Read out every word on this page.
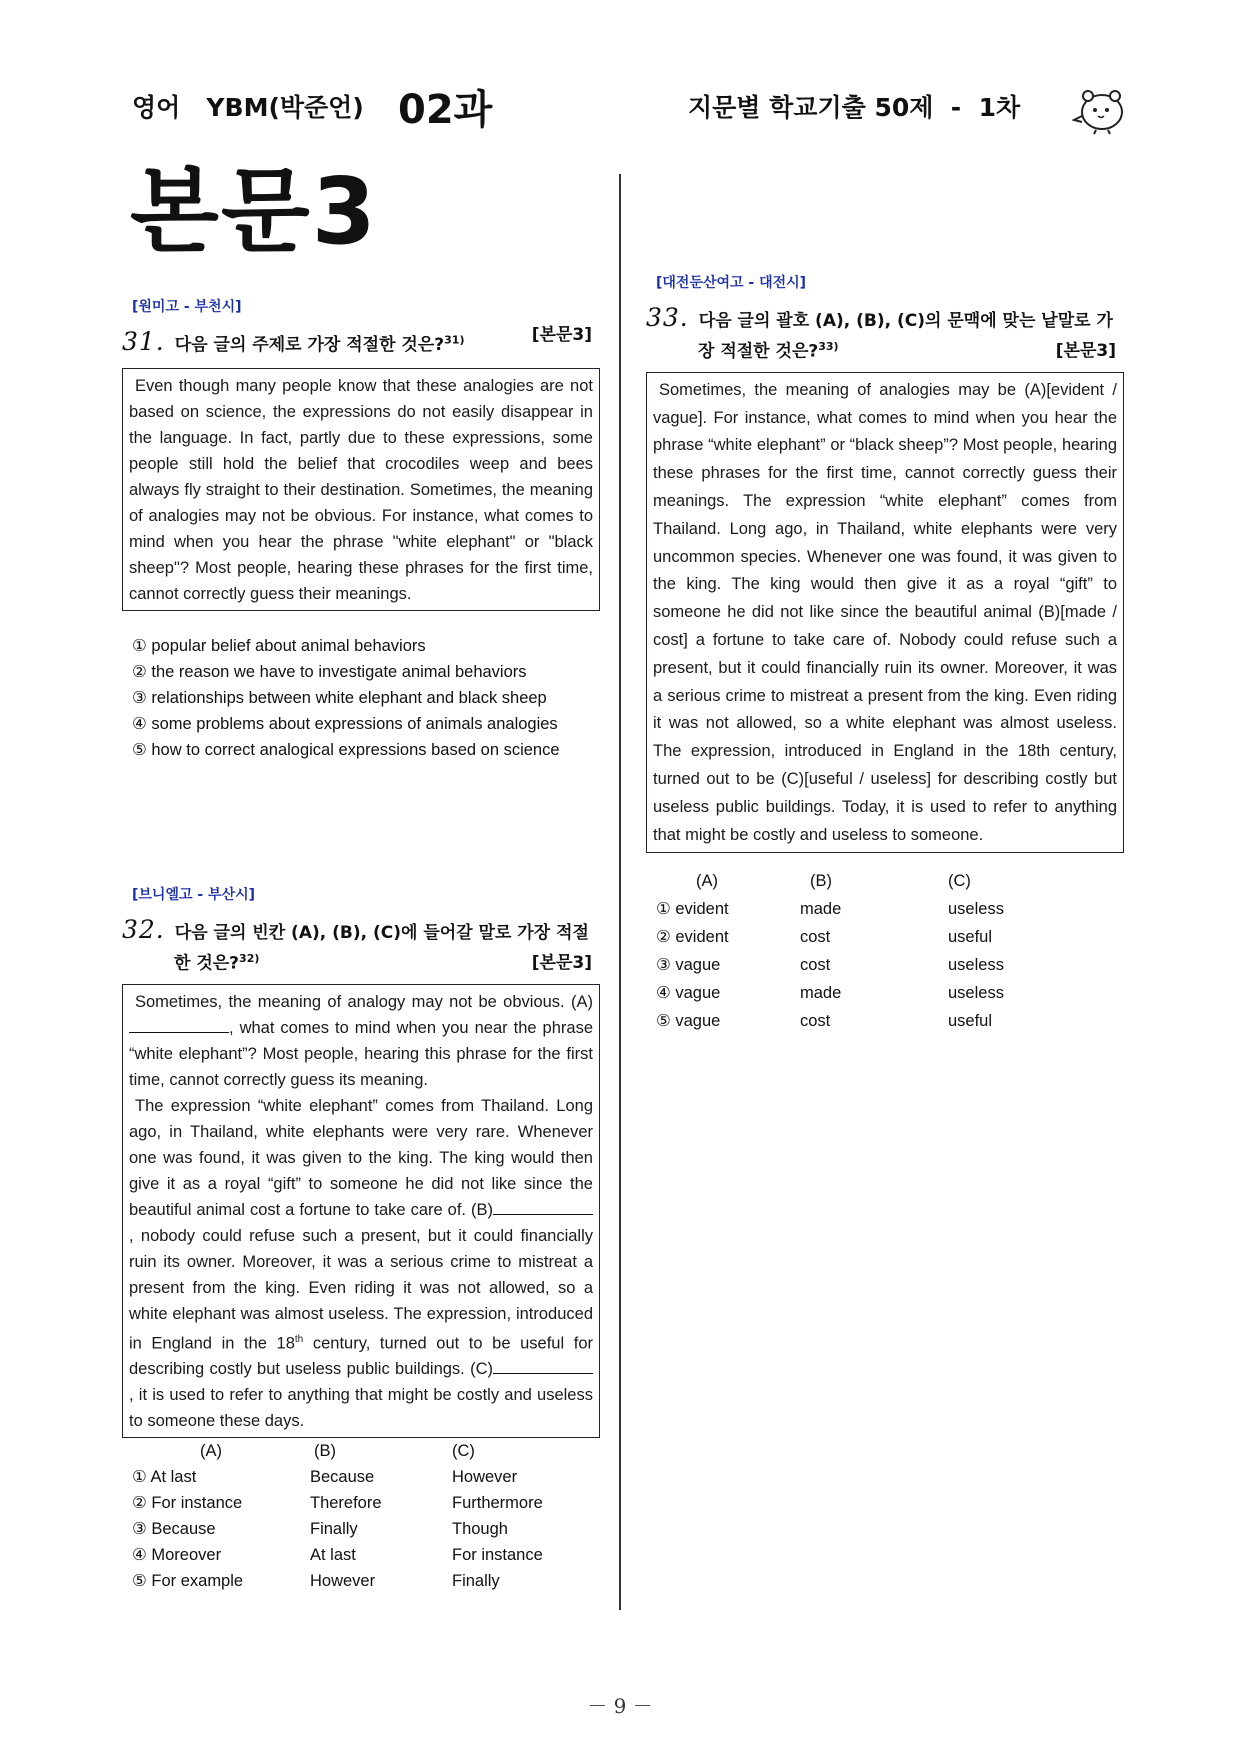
영어   YBM(박준언) 02과	지문별 학교기출 50제  -  1차
본문3
[원미고 - 부천시]
31. 다음 글의 주제로 가장 적절한 것은?$^{31)}$	[본문3]

Even though many people know that these analogies are not based on science, the expressions do not easily disappear in the language. In fact, partly due to these expressions, some people still hold the belief that crocodiles weep and bees always fly straight to their destination. Sometimes, the meaning of analogies may not be obvious. For instance, what comes to mind when you hear the phrase "white elephant" or "black sheep"? Most people, hearing these phrases for the first time, cannot correctly guess their meanings.

① popular belief about animal behaviors
② the reason we have to investigate animal behaviors
③ relationships between white elephant and black sheep
④ some problems about expressions of animals analogies
⑤ how to correct analogical expressions based on science
[브니엘고 - 부산시]
32. 다음 글의 빈칸 (A), (B), (C)에 들어갈 말로 가장 적절
한 것은?$^{32)}$	[본문3]

Sometimes, the meaning of analogy may not be obvious. (A), what comes to mind when you near the phrase “white elephant”? Most people, hearing this phrase for the first time, cannot correctly guess its meaning.

The expression “white elephant” comes from Thailand. Long ago, in Thailand, white elephants were very rare. Whenever one was found, it was given to the king. The king would then give it as a royal “gift” to someone he did not like since the beautiful animal cost a fortune to take care of. (B), nobody could refuse such a present, but it could financially ruin its owner. Moreover, it was a serious crime to mistreat a present from the king. Even riding it was not allowed, so a white elephant was almost useless. The expression, introduced in England in the 18th century, turned out to be useful for describing costly but useless public buildings. (C), it is used to refer to anything that might be costly and useless to someone these days.

(A)	(B)	(C)
① At last	Because	However
② For instance	Therefore	Furthermore
③ Because	Finally	Though
④ Moreover	At last	For instance
⑤ For example	However	Finally
[대전둔산여고 - 대전시]
33. 다음 글의 괄호 (A), (B), (C)의 문맥에 맞는 낱말로 가
장 적절한 것은?$^{33)}$	[본문3]

Sometimes, the meaning of analogies may be (A)[evident / vague]. For instance, what comes to mind when you hear the phrase “white elephant” or “black sheep”? Most people, hearing these phrases for the first time, cannot correctly guess their meanings. The expression “white elephant” comes from Thailand. Long ago, in Thailand, white elephants were very uncommon species. Whenever one was found, it was given to the king. The king would then give it as a royal “gift” to someone he did not like since the beautiful animal (B)[made / cost] a fortune to take care of. Nobody could refuse such a present, but it could financially ruin its owner. Moreover, it was a serious crime to mistreat a present from the king. Even riding it was not allowed, so a white elephant was almost useless. The expression, introduced in England in the 18th century, turned out to be (C)[useful / useless] for describing costly but useless public buildings. Today, it is used to refer to anything that might be costly and useless to someone.

(A)	(B)	(C)
① evident	made	useless
② evident	cost	useful
③ vague	cost	useless
④ vague	made	useless
⑤ vague	cost	useful
－ 9 －
